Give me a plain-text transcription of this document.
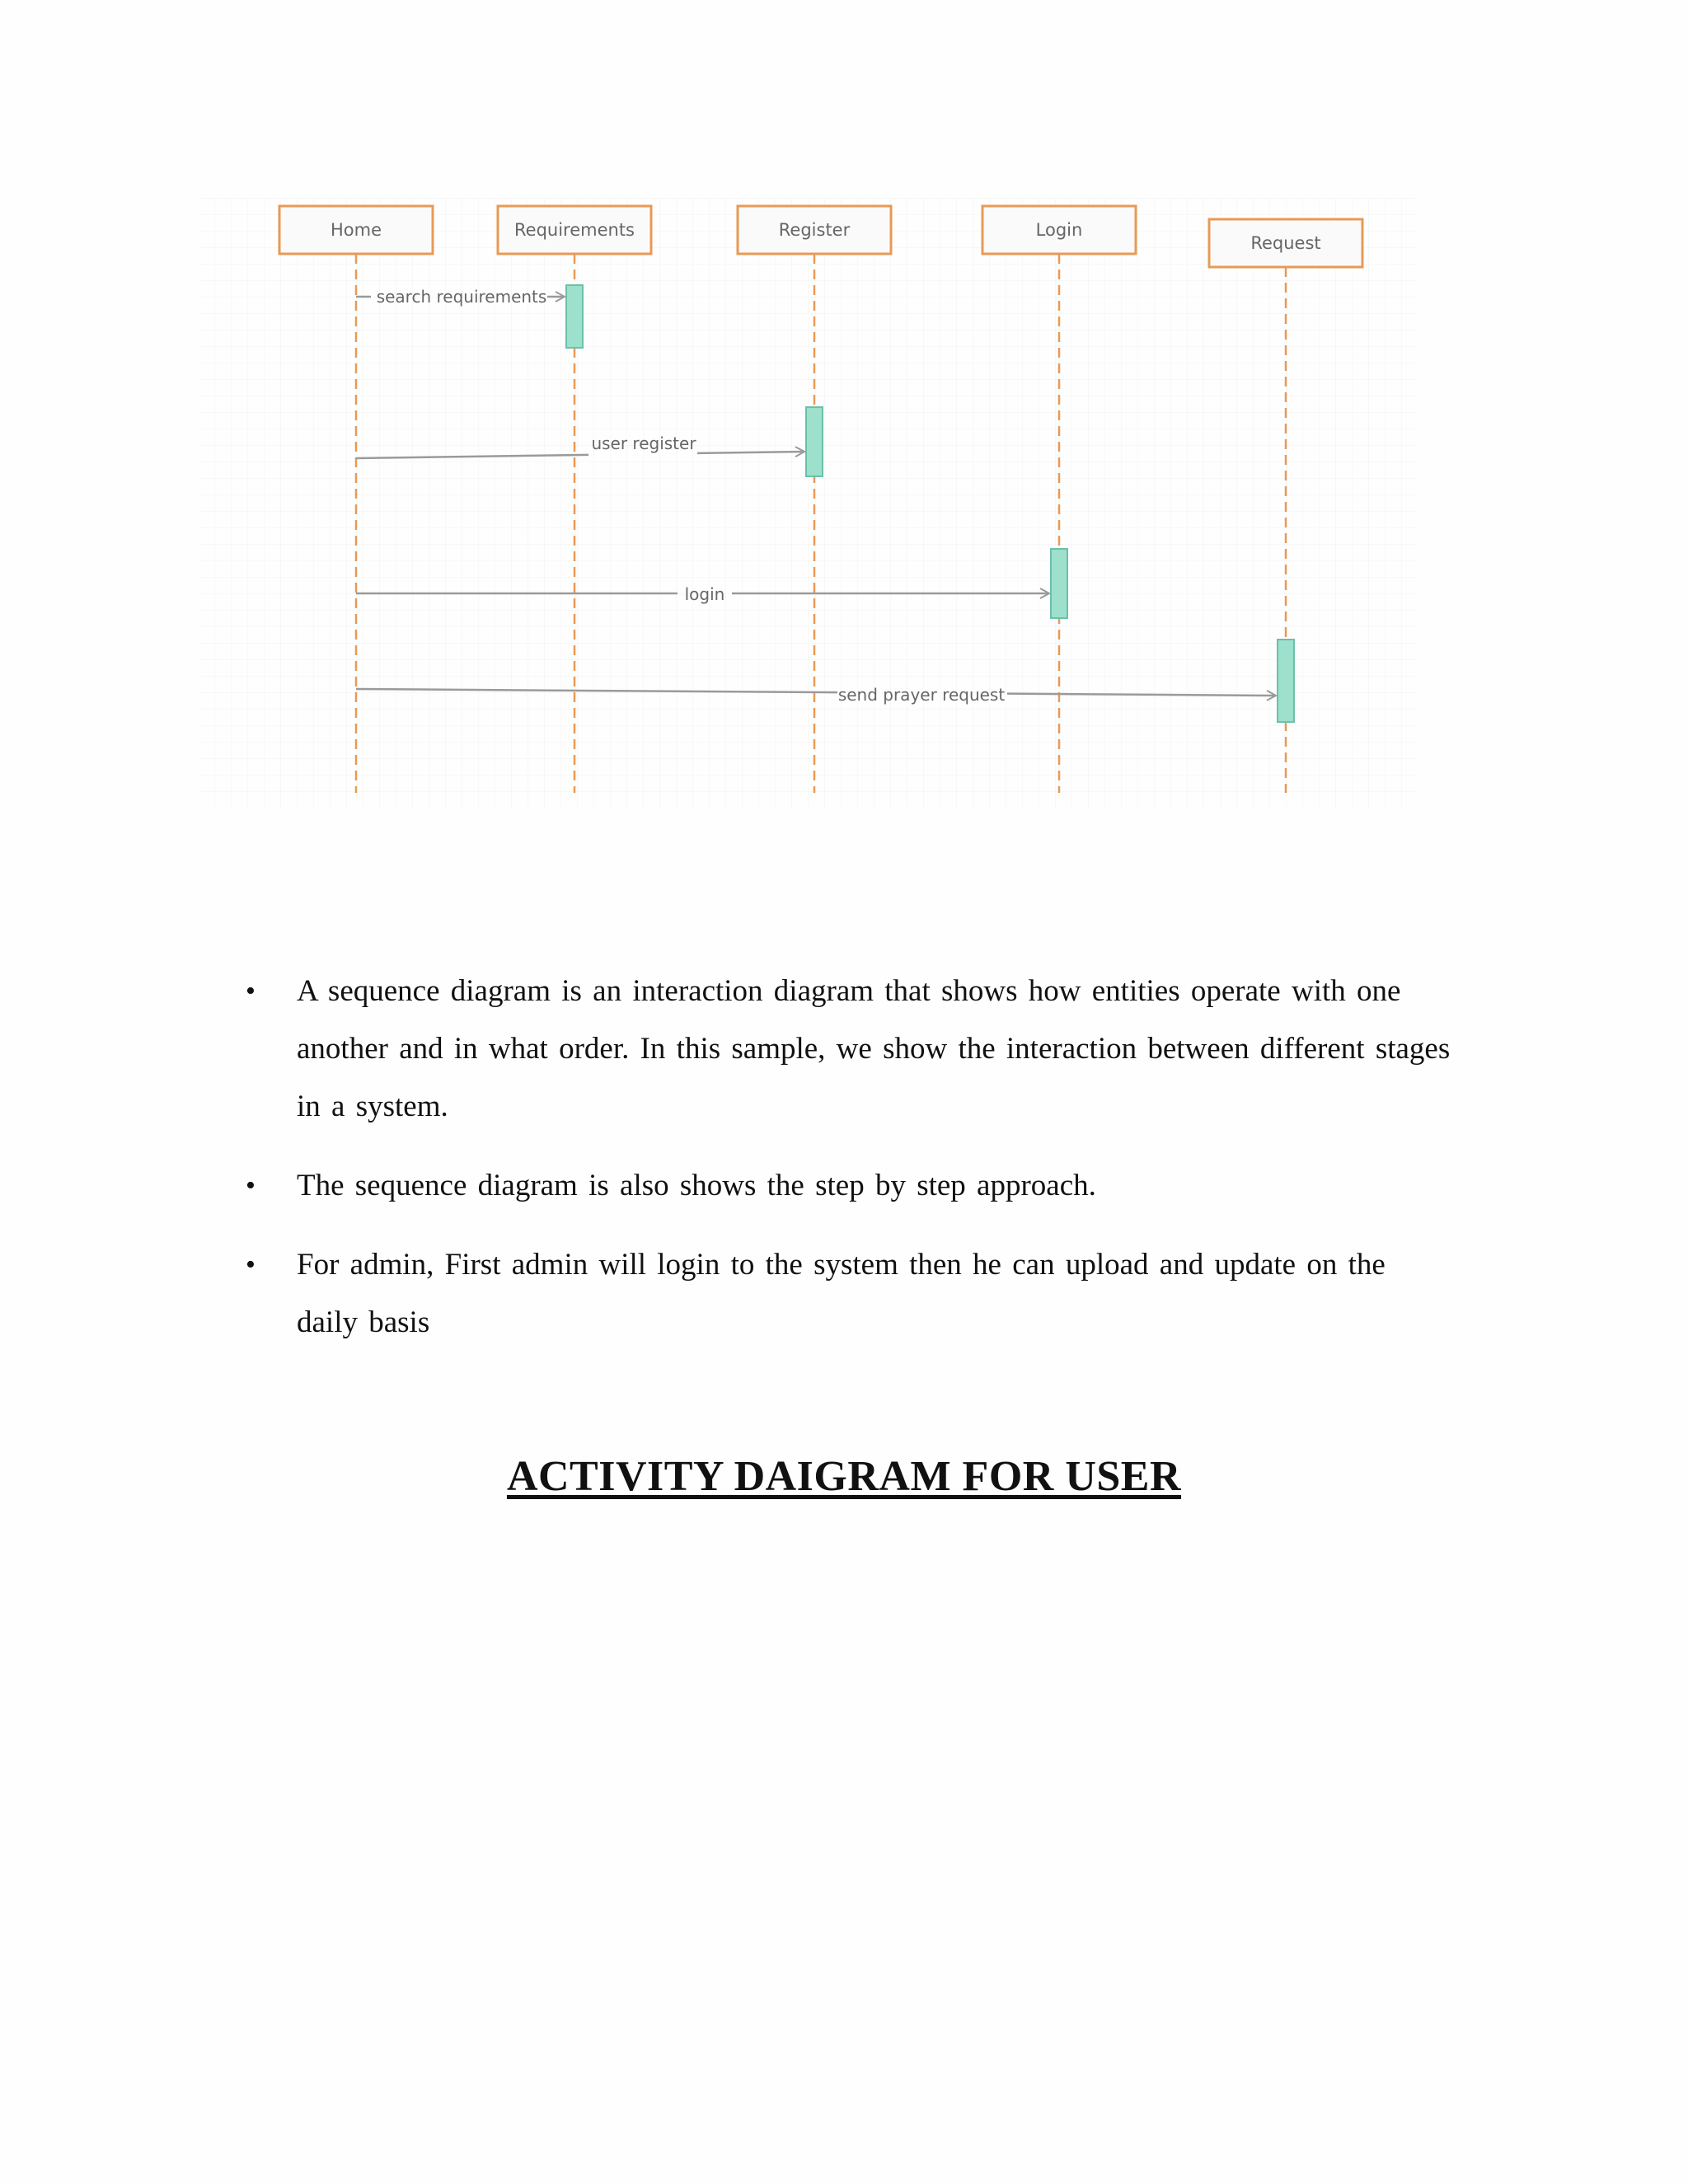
search requirements
user register
login
send prayer request
Home	Requirements	Register	Login
Request
• A sequence diagram is an interaction diagram that shows how entities operate with one another and in what order. In this sample, we show the interaction between different stages in a system.
• The sequence diagram is also shows the step by step approach.
• For admin, First admin will login to the system then he can upload and update on the daily basis
ACTIVITY DAIGRAM FOR USER
